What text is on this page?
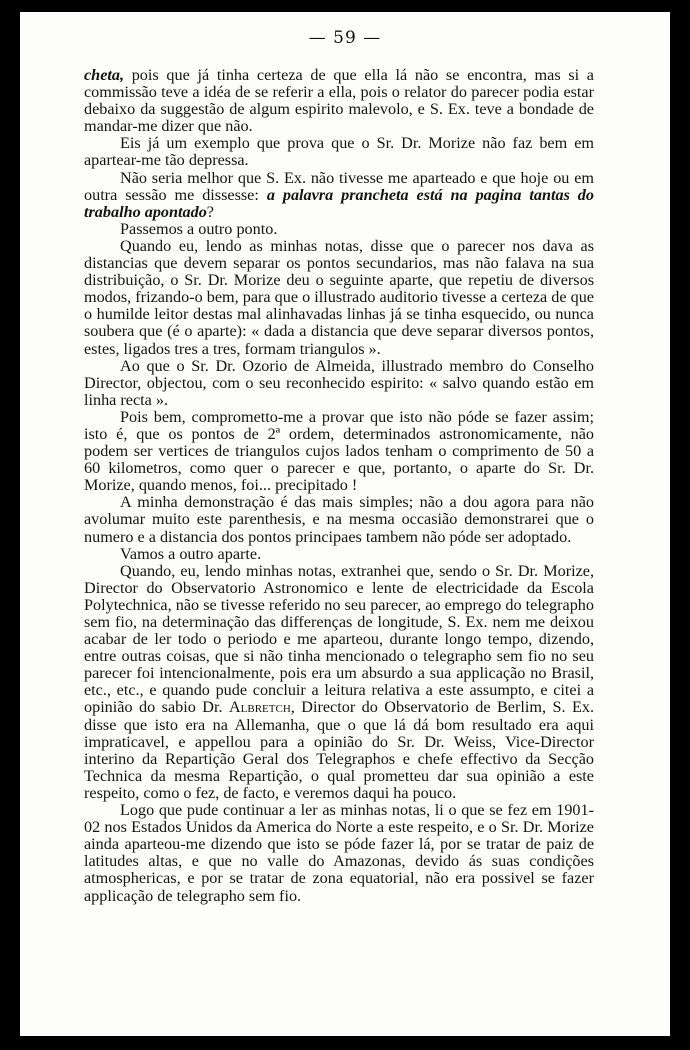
— 59 —

cheta, pois que já tinha certeza de que ella lá não se encontra, mas si a commissão teve a idéa de se referir a ella, pois o relator do parecer podia estar debaixo da suggestão de algum espirito malevolo, e S. Ex. teve a bondade de mandar-me dizer que não.

Eis já um exemplo que prova que o Sr. Dr. Morize não faz bem em apartear-me tão depressa.

Não seria melhor que S. Ex. não tivesse me aparteado e que hoje ou em outra sessão me dissesse: a palavra prancheta está na pagina tantas do trabalho apontado?

Passemos a outro ponto.

Quando eu, lendo as minhas notas, disse que o parecer nos dava as distancias que devem separar os pontos secundarios, mas não falava na sua distribuição, o Sr. Dr. Morize deu o seguinte aparte, que repetiu de diversos modos, frizando-o bem, para que o illustrado auditorio tivesse a certeza de que o humilde leitor destas mal alinhavadas linhas já se tinha esquecido, ou nunca soubera que (é o aparte): « dada a distancia que deve separar diversos pontos, estes, ligados tres a tres, formam triangulos ».

Ao que o Sr. Dr. Ozorio de Almeida, illustrado membro do Conselho Director, objectou, com o seu reconhecido espirito: « salvo quando estão em linha recta ».

Pois bem, comprometto-me a provar que isto não póde se fazer assim; isto é, que os pontos de 2ª ordem, determinados astronomicamente, não podem ser vertices de triangulos cujos lados tenham o comprimento de 50 a 60 kilometros, como quer o parecer e que, portanto, o aparte do Sr. Dr. Morize, quando menos, foi... precipitado !

A minha demonstração é das mais simples; não a dou agora para não avolumar muito este parenthesis, e na mesma occasião demonstrarei que o numero e a distancia dos pontos principaes tambem não póde ser adoptado.

Vamos a outro aparte.

Quando, eu, lendo minhas notas, extranhei que, sendo o Sr. Dr. Morize, Director do Observatorio Astronomico e lente de electricidade da Escola Polytechnica, não se tivesse referido no seu parecer, ao emprego do telegrapho sem fio, na determinação das differenças de longitude, S. Ex. nem me deixou acabar de ler todo o periodo e me aparteou, durante longo tempo, dizendo, entre outras coisas, que si não tinha mencionado o telegrapho sem fio no seu parecer foi intencionalmente, pois era um absurdo a sua applicação no Brasil, etc., etc., e quando pude concluir a leitura relativa a este assumpto, e citei a opinião do sabio Dr. Albretch, Director do Observatorio de Berlim, S. Ex. disse que isto era na Allemanha, que o que lá dá bom resultado era aqui impraticavel, e appellou para a opinião do Sr. Dr. Weiss, Vice-Director interino da Repartição Geral dos Telegraphos e chefe effectivo da Secção Technica da mesma Repartição, o qual prometteu dar sua opinião a este respeito, como o fez, de facto, e veremos daqui ha pouco.

Logo que pude continuar a ler as minhas notas, li o que se fez em 1901-02 nos Estados Unidos da America do Norte a este respeito, e o Sr. Dr. Morize ainda aparteou-me dizendo que isto se póde fazer lá, por se tratar de paiz de latitudes altas, e que no valle do Amazonas, devido ás suas condições atmosphericas, e por se tratar de zona equatorial, não era possivel se fazer applicação de telegrapho sem fio.
